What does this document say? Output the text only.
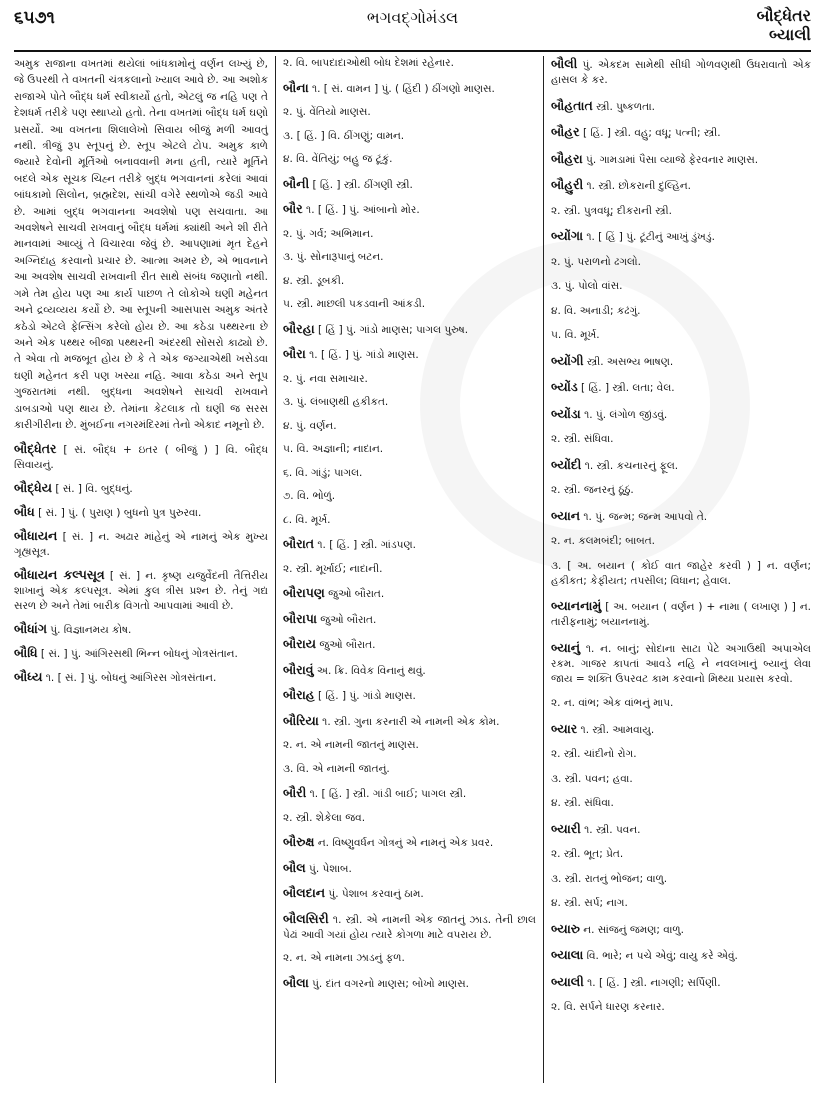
૬૫૭૧	ભગવદ્ગોમંડલ	બૌદ્ધેતર
બ્યાલી

અમુક રાજાના વખતમાં થયેલાં બાંધકામોનું વર્ણન લખ્યું છે, જે ઉપરથી તે વખતની ચંત્રકલાનો ખ્યાલ આવે છે. આ અશોક રાજાએ પોતે બૌદ્ધ ધર્મ સ્વીકાર્યો હતો, એટલું જ નહિ પણ તે દેશધર્મ તરીકે પણ સ્થાપ્યો હતો. તેના વખતમાં બૌદ્ધ ધર્મ ઘણો પ્રસર્યો. આ વખતના શિલાલેખો સિવાય બીજું મળી આવતું નથી. ત્રીજું રૂપ સ્તૂપનું છે. સ્તૂપ એટલે ટોપ. અમુક કાળે જ્યારે દેવોની મૂર્તિઓ બનાવવાની મના હતી, ત્યારે મૂર્તિને બદલે એક સૂચક ચિહ્ન તરીકે બુદ્ધ ભગવાનનાં કરેલાં આવાં બાંધકામો સિલોન, બ્રહ્મદેશ, સાંચી વગેરે સ્થળોએ જડી આવે છે. આમાં બુદ્ધ ભગવાનના અવશેષો પણ સચવાતા. આ અવશેષને સાચવી રાખવાનું બૌદ્ધ ધર્મમાં ક્યાંથી અને શી રીતે માનવામાં આવ્યું તે વિચારવા જેવું છે. આપણામાં મૃત દેહને અગ્નિદાહ કરવાનો પ્રચાર છે. આત્મા અમર છે, એ ભાવનાને આ અવશેષ સાચવી રાખવાની રીત સાથે સંબંધ જણાતો નથી. ગમે તેમ હોય પણ આ કાર્ય પાછળ તે લોકોએ ઘણી મહેનત અને દ્રવ્યવ્યય કર્યો છે. આ સ્તૂપની આસપાસ અમુક અંતરે કઠેડો એટલે ફેન્સિંગ કરેલો હોય છે. આ કઠેડા પથ્થરના છે અને એક પથ્થર બીજા પથ્થરની અંદરથી સોંસરો કાઢ્યો છે. તે એવા તો મજબૂત હોય છે કે તે એક જગ્યાએથી ખસેડવા ઘણી મહેનત કરી પણ ખસ્યા નહિ. આવા કઠેડા અને સ્તૂપ ગુજરાતમાં નથી. બુદ્ધના અવશેષને સાચવી રાખવાને ડાબડાઓ પણ થાય છે. તેમાંના કેટલાક તો ઘણી જ સરસ કારીગીરીના છે. મુંબઈના નગરમંદિરમાં તેનો એકાદ નમૂનો છે.

બૌદ્ધેતર [ સં. બૌદ્ધ + ઇતર ( બીજું ) ] વિ. બૌદ્ધ સિવાયનું.

બૌદ્ધેય [ સં. ] વિ. બુદ્ધનું.

બૌધ [ સં. ] પું. ( પુરાણ ) બુધનો પુત્ર પુરુરવા.

બૌધાયન [ સં. ] ન. અઢાર માંહેનું એ નામનું એક મુખ્ય ગૃહ્યસૂત્ર.

બૌધાયન કલ્પસૂત્ર [ સં. ] ન. કૃષ્ણ યજુર્વેદની તૈત્તિરીય શાખાનું એક કલ્પસૂત્ર. એમાં કુલ ત્રીસ પ્રશ્ન છે. તેનું ગદ્ય સરળ છે અને તેમાં બારીક વિગતો આપવામાં આવી છે.

બૌધાંગ પું. વિજ્ઞાનમય કોષ.

બૌધિ [ સં. ] પું. આંગિરસથી ભિન્ન બોધનું ગોત્રસંતાન.

બૌધ્ય ૧. [ સં. ] પું. બોધનું આંગિરસ ગોત્રસંતાન.

૨. વિ. બાપદાદાઓથી બોધ દેશમાં રહેનાર.

બૌના ૧. [ સં. વામન ] પું. ( હિંદી ) ઠીંગણો માણસ.

૨. પું. વેંતિયો માણસ.

૩. [ હિં. ] વિ. ઠીંગણું; વામન.

૪. વિ. વેંતિયું; બહુ જ ટૂંકું.

બૌની [ હિં. ] સ્ત્રી. ઠીંગણી સ્ત્રી.

બૌર ૧. [ હિં. ] પું. આંબાનો મોર.

૨. પું. ગર્વ; અભિમાન.

૩. પું. સોનારૂપાનું બટન.

૪. સ્ત્રી. ડૂબકી.

૫. સ્ત્રી. માછલી પકડવાની આંકડી.

બૌરહા [ હિં ] પું. ગાંડો માણસ; પાગલ પુરુષ.

બૌરા ૧. [ હિં. ] પું. ગાંડો માણસ.

૨. પું. નવા સમાચાર.

૩. પું. લંબાણથી હકીકત.

૪. પું. વર્ણન.

૫. વિ. અજ્ઞાની; નાદાન.

૬. વિ. ગાંડું; પાગલ.

૭. વિ. ભોળું.

૮. વિ. મૂર્ખ.

બૌરાત ૧. [ હિં. ] સ્ત્રી. ગાંડપણ.

૨. સ્ત્રી. મૂર્ખાઈ; નાદાની.

બૌરાપણ જુઓ બૌરાત.

બૌરાપા જુઓ બૌરાત.

બૌરાય જુઓ બૌરાત.

બૌરાવું અ. ક્રિ. વિવેક વિનાનું થવું.

બૌરાહ [ હિં. ] પું. ગાંડો માણસ.

બૌરિયા ૧. સ્ત્રી. ગુના કરનારી એ નામની એક કોમ.

૨. ન. એ નામની જાતનું માણસ.

૩. વિ. એ નામની જાતનું.

બૌરી ૧. [ હિં. ] સ્ત્રી. ગાંડી બાઈ; પાગલ સ્ત્રી.

૨. સ્ત્રી. શેકેલા જવ.

બૌરુક્ષ ન. વિષ્ણુવર્ધન ગોત્રનું એ નામનું એક પ્રવર.

બૌલ પું. પેશાબ.

બૌલદાન પું. પેશાબ કરવાનું ઠામ.

બૌલસિરી ૧. સ્ત્રી. એ નામની એક જાતનું ઝાડ. તેની છાલ પેઢાં આવી ગયાં હોય ત્યારે કોગળા માટે વપરાય છે.

૨. ન. એ નામના ઝાડનું ફળ.

બૌલા પું. દાંત વગરનો માણસ; બોખો માણસ.

બૌલી પું. એકદમ સામેથી સીધી ગોળવણથી ઉધરાવાતો એક હાસલ કે કર.

બૌહતાત સ્ત્રી. પુષ્કળતા.

બૌહર [ હિં. ] સ્ત્રી. વહુ; વધૂ; પત્ની; સ્ત્રી.

બૌહરા પું. ગામડામાં પૈસા વ્યાજે ફેરવનાર માણસ.

બૌહુરી ૧. સ્ત્રી. છોકરાની દુલ્હિન.

૨. સ્ત્રી. પુત્રવધૂ; દીકરાની સ્ત્રી.

બ્યોંગા ૧. [ હિં ] પું. ટૂંટીનું આખું ડુંખડું.

૨. પું. પરાળનો ઢગલો.

૩. પું. પોલો વાંસ.

૪. વિ. અનાડી; કઢંગું.

૫. વિ. મૂર્ખ.

બ્યોંગી સ્ત્રી. અસભ્ય ભાષણ.

બ્યોંડ [ હિં. ] સ્ત્રી. લતા; વેલ.

બ્યોંડા ૧. પું. લંગોળ જીંડવું.

૨. સ્ત્રી. સંધિવા.

બ્યોંદી ૧. સ્ત્રી. કચનારનું ફૂલ.

૨. સ્ત્રી. જનરનું ઠૂંઠું.

બ્યાન ૧. પું. જન્મ; જન્મ આપવો તે.

૨. ન. કલમબંદી; બાબત.

૩. [ અ. બયાન ( કોઈ વાત જાહેર કરવી ) ] ન. વર્ણન; હકીકત; કેફીયત; તપસીલ; વિધાન; હેવાલ.

બ્યાનનામું [ અ. બયાન ( વર્ણન ) + નામા ( લખાણ ) ] ન. તારીફનામું; બયાનનામું.

બ્યાનું ૧. ન. બાનું; સોદાના સાટા પેટે અગાઉથી અપાએલ રકમ. ગાજર કાપતાં આવડે નહિ ને નવલખાનું બ્યાનું લેવા જાય = શક્તિ ઉપરવટ કામ કરવાનો મિથ્યા પ્રયાસ કરવો.

૨. ન. વાંભ; એક વાંભનું માપ.

બ્યાર ૧. સ્ત્રી. આમવાયુ.

૨. સ્ત્રી. ચાંદીનો રોગ.

૩. સ્ત્રી. પવન; હવા.

૪. સ્ત્રી. સંધિવા.

બ્યારી ૧. સ્ત્રી. પવન.

૨. સ્ત્રી. ભૂત; પ્રેત.

૩. સ્ત્રી. રાતનું ભોજન; વાળુ.

૪. સ્ત્રી. સર્પ; નાગ.

બ્યારુ ન. સાંજનું જમણ; વાળુ.

બ્યાલા વિ. ભારે; ન પચે એવું; વાયુ કરે એવું.

બ્યાલી ૧. [ હિં. ] સ્ત્રી. નાગણી; સર્પિણી.

૨. વિ. સર્પને ધારણ કરનાર.
